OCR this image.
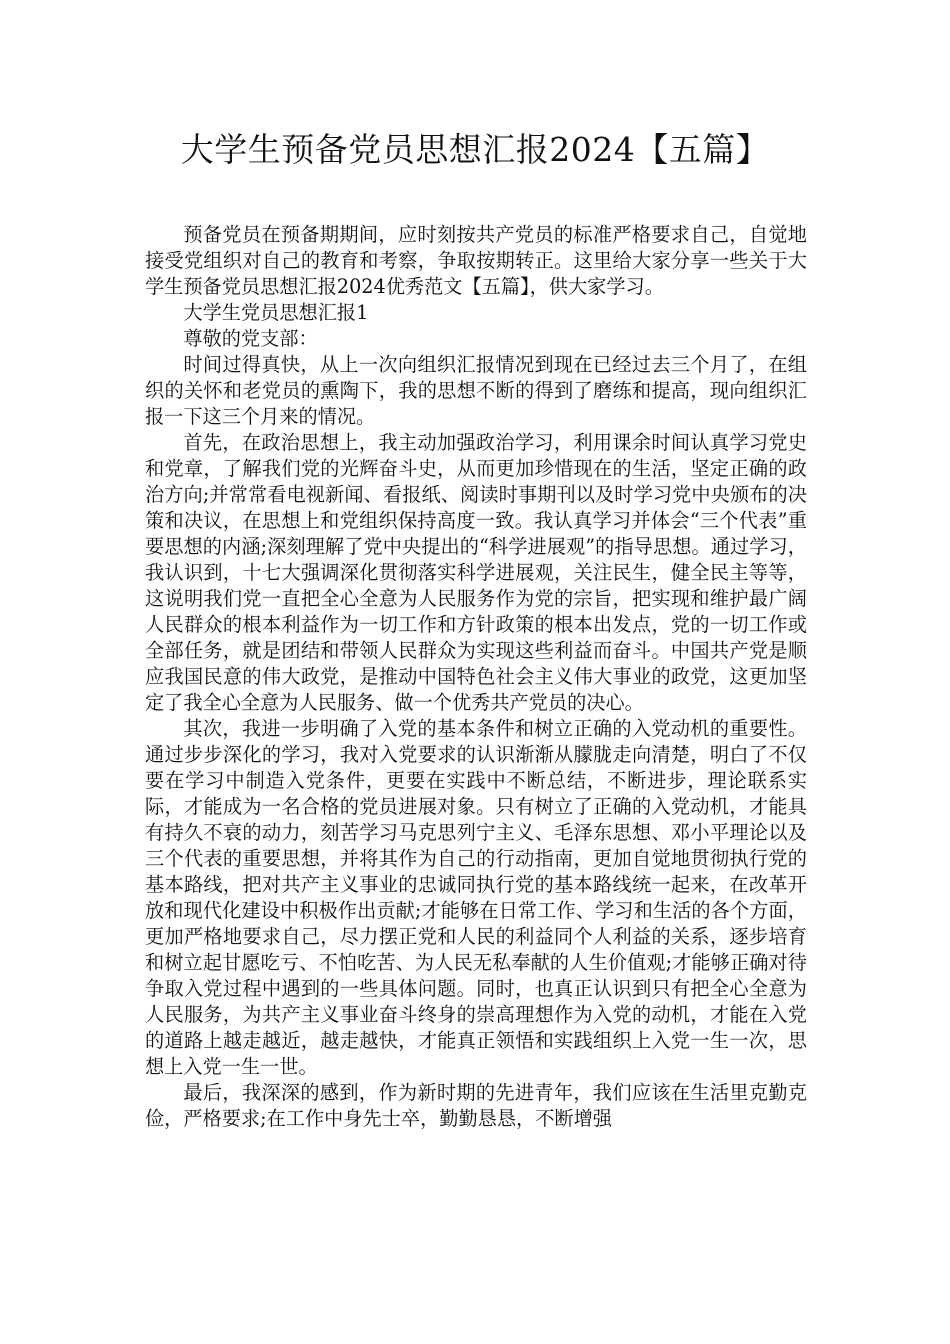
大学生预备党员思想汇报2024【五篇】

预备党员在预备期期间，应时刻按共产党员的标准严格要求自己，自觉地接受党组织对自己的教育和考察，争取按期转正。这里给大家分享一些关于大学生预备党员思想汇报2024优秀范文【五篇】，供大家学习。

大学生党员思想汇报1

尊敬的党支部：

时间过得真快，从上一次向组织汇报情况到现在已经过去三个月了，在组织的关怀和老党员的熏陶下，我的思想不断的得到了磨练和提高，现向组织汇报一下这三个月来的情况。

首先，在政治思想上，我主动加强政治学习，利用课余时间认真学习党史和党章，了解我们党的光辉奋斗史，从而更加珍惜现在的生活，坚定正确的政治方向;并常常看电视新闻、看报纸、阅读时事期刊以及时学习党中央颁布的决策和决议，在思想上和党组织保持高度一致。我认真学习并体会“三个代表”重要思想的内涵;深刻理解了党中央提出的“科学进展观”的指导思想。通过学习，我认识到，十七大强调深化贯彻落实科学进展观，关注民生，健全民主等等，这说明我们党一直把全心全意为人民服务作为党的宗旨，把实现和维护最广阔人民群众的根本利益作为一切工作和方针政策的根本出发点，党的一切工作或全部任务，就是团结和带领人民群众为实现这些利益而奋斗。中国共产党是顺应我国民意的伟大政党，是推动中国特色社会主义伟大事业的政党，这更加坚定了我全心全意为人民服务、做一个优秀共产党员的决心。

其次，我进一步明确了入党的基本条件和树立正确的入党动机的重要性。通过步步深化的学习，我对入党要求的认识渐渐从朦胧走向清楚，明白了不仅要在学习中制造入党条件，更要在实践中不断总结，不断进步，理论联系实际，才能成为一名合格的党员进展对象。只有树立了正确的入党动机，才能具有持久不衰的动力，刻苦学习马克思列宁主义、毛泽东思想、邓小平理论以及三个代表的重要思想，并将其作为自己的行动指南，更加自觉地贯彻执行党的基本路线，把对共产主义事业的忠诚同执行党的基本路线统一起来，在改革开放和现代化建设中积极作出贡献;才能够在日常工作、学习和生活的各个方面，更加严格地要求自己，尽力摆正党和人民的利益同个人利益的关系，逐步培育和树立起甘愿吃亏、不怕吃苦、为人民无私奉献的人生价值观;才能够正确对待争取入党过程中遇到的一些具体问题。同时，也真正认识到只有把全心全意为人民服务，为共产主义事业奋斗终身的崇高理想作为入党的动机，才能在入党的道路上越走越近，越走越快，才能真正领悟和实践组织上入党一生一次，思想上入党一生一世。

最后，我深深的感到，作为新时期的先进青年，我们应该在生活里克勤克俭，严格要求;在工作中身先士卒，勤勤恳恳，不断增强
